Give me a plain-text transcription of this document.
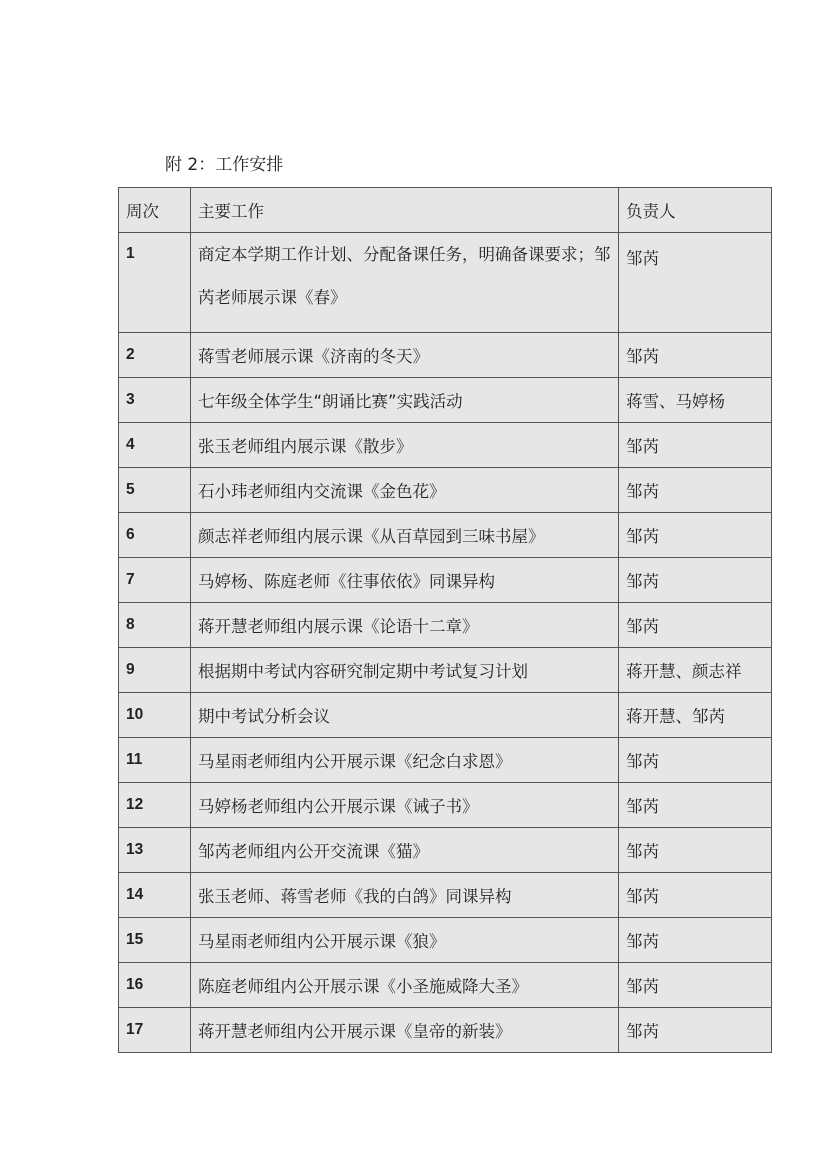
附 2：工作安排
周次	主要工作	负责人
1	商定本学期工作计划、分配备课任务，明确备课要求；邹芮老师展示课《春》	邹芮
2	蒋雪老师展示课《济南的冬天》	邹芮
3	七年级全体学生“朗诵比赛”实践活动	蒋雪、马婷杨
4	张玉老师组内展示课《散步》	邹芮
5	石小玮老师组内交流课《金色花》	邹芮
6	颜志祥老师组内展示课《从百草园到三味书屋》	邹芮
7	马婷杨、陈庭老师《往事依依》同课异构	邹芮
8	蒋开慧老师组内展示课《论语十二章》	邹芮
9	根据期中考试内容研究制定期中考试复习计划	蒋开慧、颜志祥
10	期中考试分析会议	蒋开慧、邹芮
11	马星雨老师组内公开展示课《纪念白求恩》	邹芮
12	马婷杨老师组内公开展示课《诫子书》	邹芮
13	邹芮老师组内公开交流课《猫》	邹芮
14	张玉老师、蒋雪老师《我的白鸽》同课异构	邹芮
15	马星雨老师组内公开展示课《狼》	邹芮
16	陈庭老师组内公开展示课《小圣施威降大圣》	邹芮
17	蒋开慧老师组内公开展示课《皇帝的新装》	邹芮
